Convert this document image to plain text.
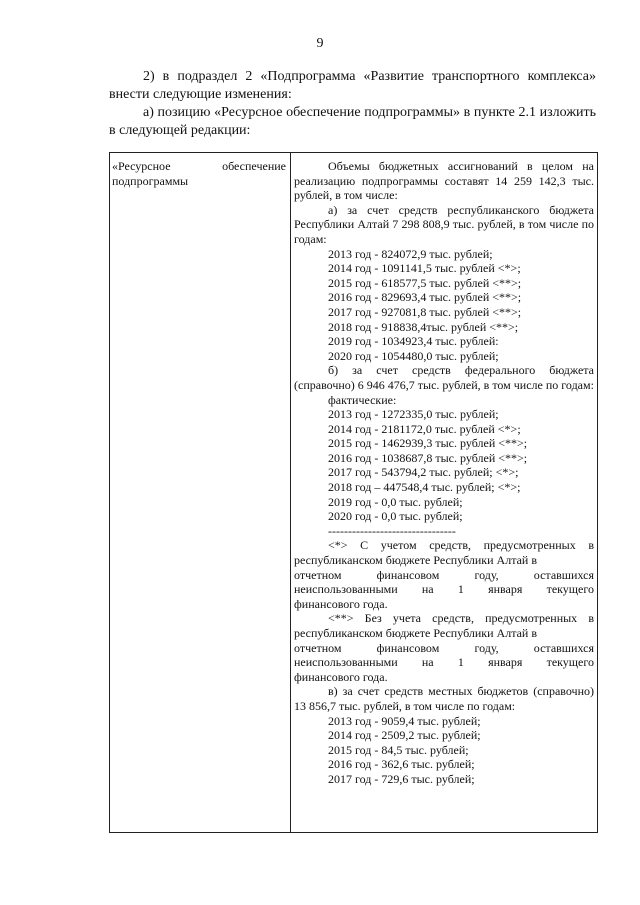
9

2) в подраздел 2 «Подпрограмма «Развитие транспортного комплекса» внести следующие изменения:

а) позицию «Ресурсное обеспечение подпрограммы» в пункте 2.1 изложить в следующей редакции:

«Ресурсное	обеспечение
подпрограммы

Объемы бюджетных ассигнований в целом на реализацию подпрограммы составят 14 259 142,3 тыс. рублей, в том числе:

а) за счет средств республиканского бюджета Республики Алтай 7 298 808,9 тыс. рублей, в том числе по годам:

2013 год - 824072,9 тыс. рублей;
2014 год - 1091141,5 тыс. рублей <*>;
2015 год - 618577,5 тыс. рублей <**>;
2016 год - 829693,4 тыс. рублей <**>;
2017 год - 927081,8 тыс. рублей <**>;
2018 год - 918838,4тыс. рублей <**>;
2019 год - 1034923,4 тыс. рублей:
2020 год - 1054480,0 тыс. рублей;

б) за счет средств федерального бюджета (справочно) 6 946 476,7 тыс. рублей, в том числе по годам:

фактические:

2013 год - 1272335,0 тыс. рублей;
2014 год - 2181172,0 тыс. рублей <*>;
2015 год - 1462939,3 тыс. рублей <**>;
2016 год - 1038687,8 тыс. рублей <**>;
2017 год - 543794,2 тыс. рублей; <*>;
2018 год – 447548,4 тыс. рублей; <*>;
2019 год - 0,0 тыс. рублей;
2020 год - 0,0 тыс. рублей;

--------------------------------

<*> С учетом средств, предусмотренных в республиканском бюджете Республики Алтай в

отчетном	финансовом	году,	оставшихся
неиспользованными на 1 января текущего

финансового года.

<**> Без учета средств, предусмотренных в республиканском бюджете Республики Алтай в

отчетном	финансовом	году,	оставшихся
неиспользованными на 1 января текущего

финансового года.

в) за счет средств местных бюджетов (справочно) 13 856,7 тыс. рублей, в том числе по годам:

2013 год - 9059,4 тыс. рублей;
2014 год - 2509,2 тыс. рублей;
2015 год - 84,5 тыс. рублей;
2016 год - 362,6 тыс. рублей;
2017 год - 729,6 тыс. рублей;
